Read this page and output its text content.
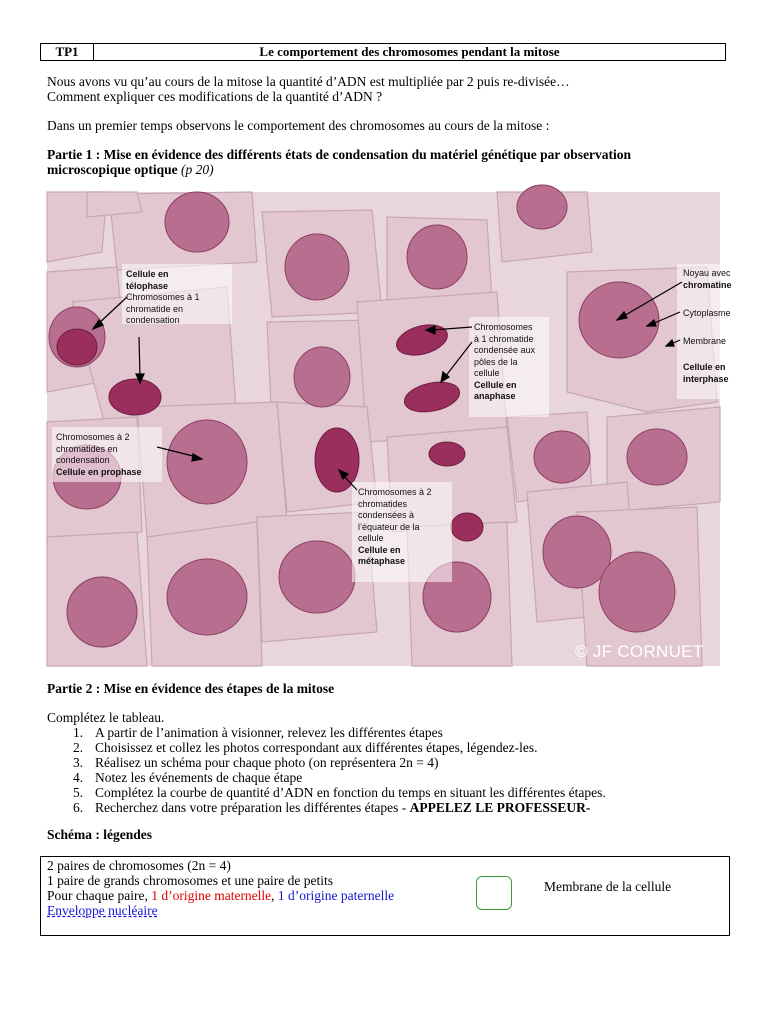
TP1	Le comportement des chromosomes pendant la mitose
Nous avons vu qu’au cours de la mitose la quantité d’ADN est multipliée par 2 puis re-divisée…
Comment expliquer ces modifications de la quantité d’ADN ?
Dans un premier temps observons le comportement des chromosomes au cours de la mitose :
Partie 1 : Mise en évidence des différents états de condensation du matériel génétique par observation
microscopique optique (p 20)
Cellule en
télophase
Chromosomes à 1
chromatide en
condensation
Chromosomes à 2
chromatides en
condensation
Cellule en prophase
Chromosomes
à 1 chromatide
condensée aux
pôles de la
cellule
Cellule en
anaphase
Chromosomes à 2
chromatides
condensées à
l’équateur de la
cellule
Cellule en
métaphase
Noyau avec
chromatine
Cytoplasme
Membrane
Cellule en
interphase
© JF CORNUET
Partie 2 : Mise en évidence des étapes de la mitose
Complétez le tableau.
1. A partir de l’animation à visionner, relevez les différentes étapes
2. Choisissez et collez les photos correspondant aux différentes étapes, légendez-les.
3. Réalisez un schéma pour chaque photo (on représentera 2n = 4)
4. Notez les événements de chaque étape
5. Complétez la courbe de quantité d’ADN en fonction du temps en situant les différentes étapes.
6. Recherchez dans votre préparation les différentes étapes - APPELEZ LE PROFESSEUR-
Schéma : légendes
2 paires de chromosomes (2n = 4)
1 paire de grands chromosomes et une paire de petits
Pour chaque paire, 1 d’origine maternelle, 1 d’origine paternelle
Enveloppe nucléaire
Membrane de la cellule
